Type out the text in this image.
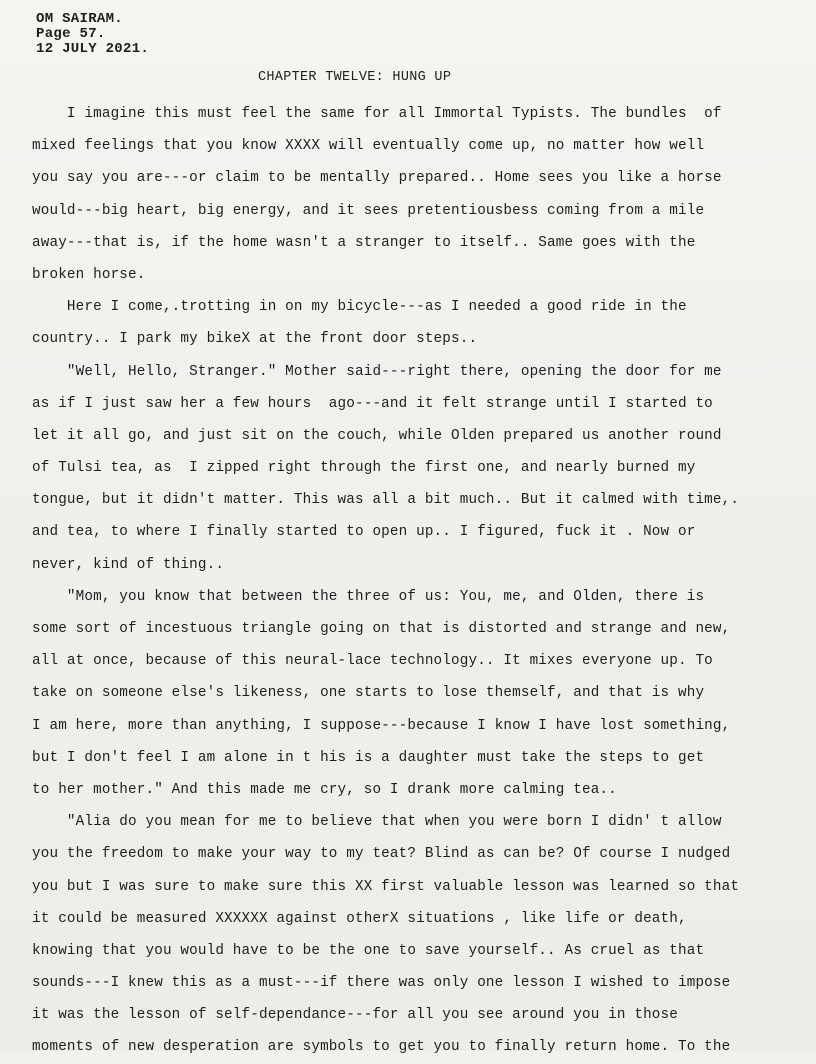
OM SAIRAM.
Page 57.
12 JULY 2021.
CHAPTER TWELVE: HUNG UP
I imagine this must feel the same for all Immortal Typists. The bundles  of
mixed feelings that you know XXXX will eventually come up, no matter how well
you say you are---or claim to be mentally prepared.. Home sees you like a horse
would---big heart, big energy, and it sees pretentiousbess coming from a mile
away---that is, if the home wasn't a stranger to itself.. Same goes with the
broken horse.
Here I come,.trotting in on my bicycle---as I needed a good ride in the
country.. I park my bikeX at the front door steps..
"Well, Hello, Stranger." Mother said---right there, opening the door for me
as if I just saw her a few hours  ago---and it felt strange until I started to
let it all go, and just sit on the couch, while Olden prepared us another round
of Tulsi tea, as  I zipped right through the first one, and nearly burned my
tongue, but it didn't matter. This was all a bit much.. But it calmed with time,.
and tea, to where I finally started to open up.. I figured, fuck it . Now or
never, kind of thing..
"Mom, you know that between the three of us: You, me, and Olden, there is
some sort of incestuous triangle going on that is distorted and strange and new,
all at once, because of this neural-lace technology.. It mixes everyone up. To
take on someone else's likeness, one starts to lose themself, and that is why
I am here, more than anything, I suppose---because I know I have lost something,
but I don't feel I am alone in t his is a daughter must take the steps to get
to her mother." And this made me cry, so I drank more calming tea..
"Alia do you mean for me to believe that when you were born I didn' t allow
you the freedom to make your way to my teat? Blind as can be? Of course I nudged
you but I was sure to make sure this XX first valuable lesson was learned so that
it could be measured XXXXXX against otherX situations , like life or death,
knowing that you would have to be the one to save yourself.. As cruel as that
sounds---I knew this as a must---if there was only one lesson I wished to impose
it was the lesson of self-dependance---for all you see around you in those
moments of new desperation are symbols to get you to finally return home. To the
